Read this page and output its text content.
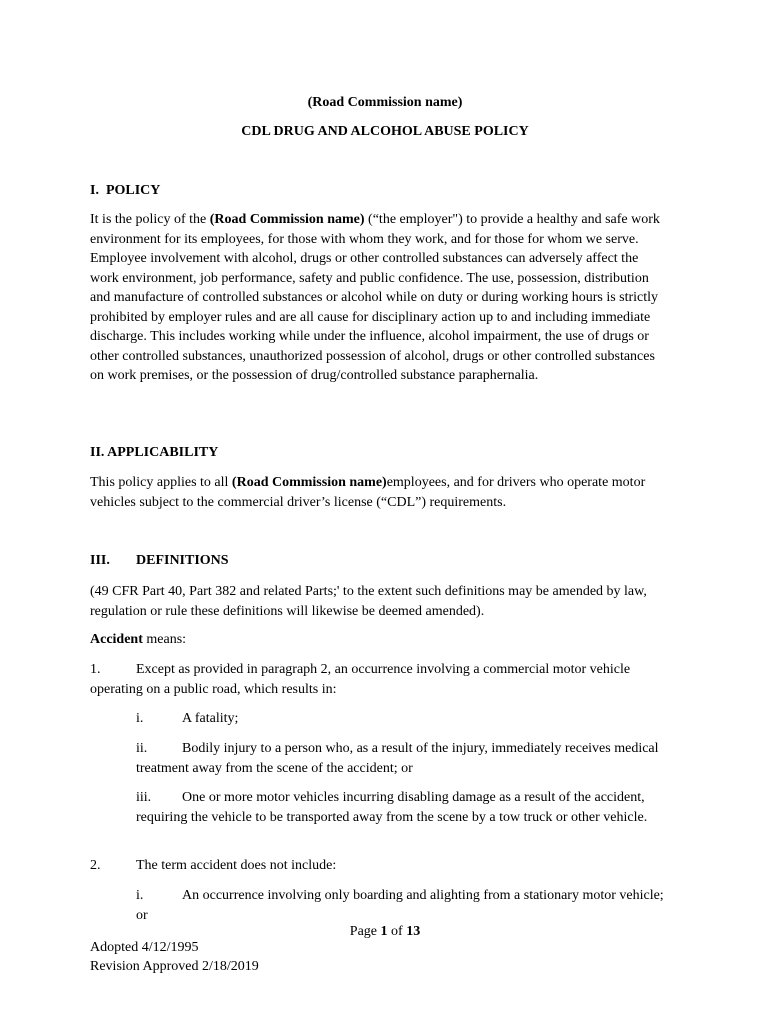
(Road Commission name)

CDL DRUG AND ALCOHOL ABUSE POLICY

I.  POLICY

It is the policy of the (Road Commission name) (“the employer") to provide a healthy and safe work environment for its employees, for those with whom they work, and for those for whom we serve. Employee involvement with alcohol, drugs or other controlled substances can adversely affect the work environment, job performance, safety and public confidence. The use, possession, distribution and manufacture of controlled substances or alcohol while on duty or during working hours is strictly prohibited by employer rules and are all cause for disciplinary action up to and including immediate discharge. This includes working while under the influence, alcohol impairment, the use of drugs or other controlled substances, unauthorized possession of alcohol, drugs or other controlled substances on work premises, or the possession of drug/controlled substance paraphernalia.

II. APPLICABILITY

This policy applies to all (Road Commission name)employees, and for drivers who operate motor vehicles subject to the commercial driver’s license (“CDL”) requirements.

III. DEFINITIONS

(49 CFR Part 40, Part 382 and related Parts;' to the extent such definitions may be amended by law, regulation or rule these definitions will likewise be deemed amended).

Accident means:

1.	Except as provided in paragraph 2, an occurrence involving a commercial motor vehicle operating on a public road, which results in:

i.	A fatality;

ii. Bodily injury to a person who, as a result of the injury, immediately receives medical treatment away from the scene of the accident; or

iii. One or more motor vehicles incurring disabling damage as a result of the accident, requiring the vehicle to be transported away from the scene by a tow truck or other vehicle.

2.	The term accident does not include:

i.	An occurrence involving only boarding and alighting from a stationary motor vehicle; or

Page 1 of 13

Adopted 4/12/1995
Revision Approved 2/18/2019
